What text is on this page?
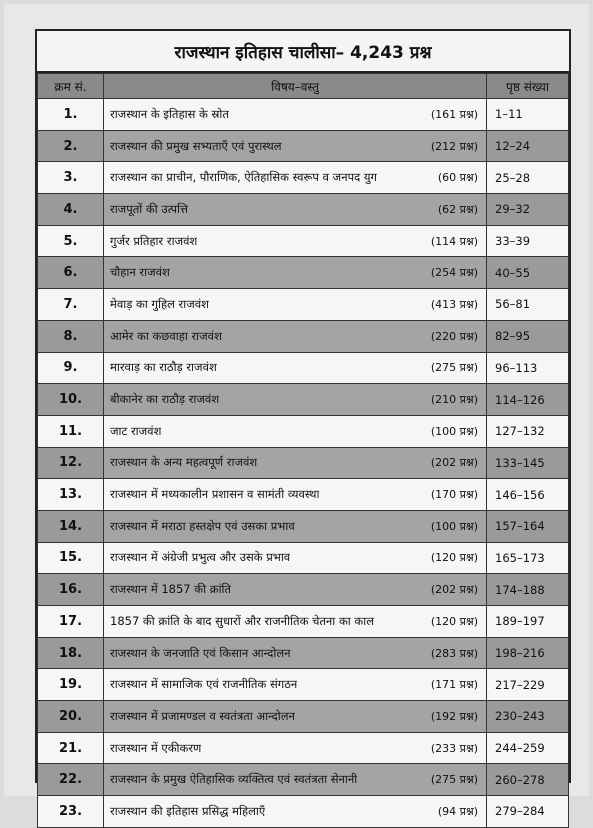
राजस्थान इतिहास चालीसा– 4,243 प्रश्न
क्रम सं.	विषय–वस्तु	पृष्ठ संख्या
1.	राजस्थान के इतिहास के स्रोत (161 प्रश्न)	1–11
2.	राजस्थान की प्रमुख सभ्यताएँ एवं पुरास्थल (212 प्रश्न)	12–24
3.	राजस्थान का प्राचीन, पौराणिक, ऐतिहासिक स्वरूप व जनपद युग (60 प्रश्न)	25–28
4.	राजपूतों की उत्पत्ति (62 प्रश्न)	29–32
5.	गुर्जर प्रतिहार राजवंश (114 प्रश्न)	33–39
6.	चौहान राजवंश (254 प्रश्न)	40–55
7.	मेवाड़ का गुहिल राजवंश (413 प्रश्न)	56–81
8.	आमेर का कछवाहा राजवंश (220 प्रश्न)	82–95
9.	मारवाड़ का राठौड़ राजवंश (275 प्रश्न)	96–113
10.	बीकानेर का राठौड़ राजवंश (210 प्रश्न)	114–126
11.	जाट राजवंश (100 प्रश्न)	127–132
12.	राजस्थान के अन्य महत्वपूर्ण राजवंश (202 प्रश्न)	133–145
13.	राजस्थान में मध्यकालीन प्रशासन व सामंती व्यवस्था (170 प्रश्न)	146–156
14.	राजस्थान में मराठा हस्तक्षेप एवं उसका प्रभाव (100 प्रश्न)	157–164
15.	राजस्थान में अंग्रेजी प्रभुत्व और उसके प्रभाव (120 प्रश्न)	165–173
16.	राजस्थान में 1857 की क्रांति (202 प्रश्न)	174–188
17.	1857 की क्रांति के बाद सुधारों और राजनीतिक चेतना का काल (120 प्रश्न)	189–197
18.	राजस्थान के जनजाति एवं किसान आन्दोलन (283 प्रश्न)	198–216
19.	राजस्थान में सामाजिक एवं राजनीतिक संगठन (171 प्रश्न)	217–229
20.	राजस्थान में प्रजामण्डल व स्वतंत्रता आन्दोलन (192 प्रश्न)	230–243
21.	राजस्थान में एकीकरण (233 प्रश्न)	244–259
22.	राजस्थान के प्रमुख ऐतिहासिक व्यक्तित्व एवं स्वतंत्रता सेनानी (275 प्रश्न)	260–278
23.	राजस्थान की इतिहास प्रसिद्ध महिलाएँ (94 प्रश्न)	279–284
